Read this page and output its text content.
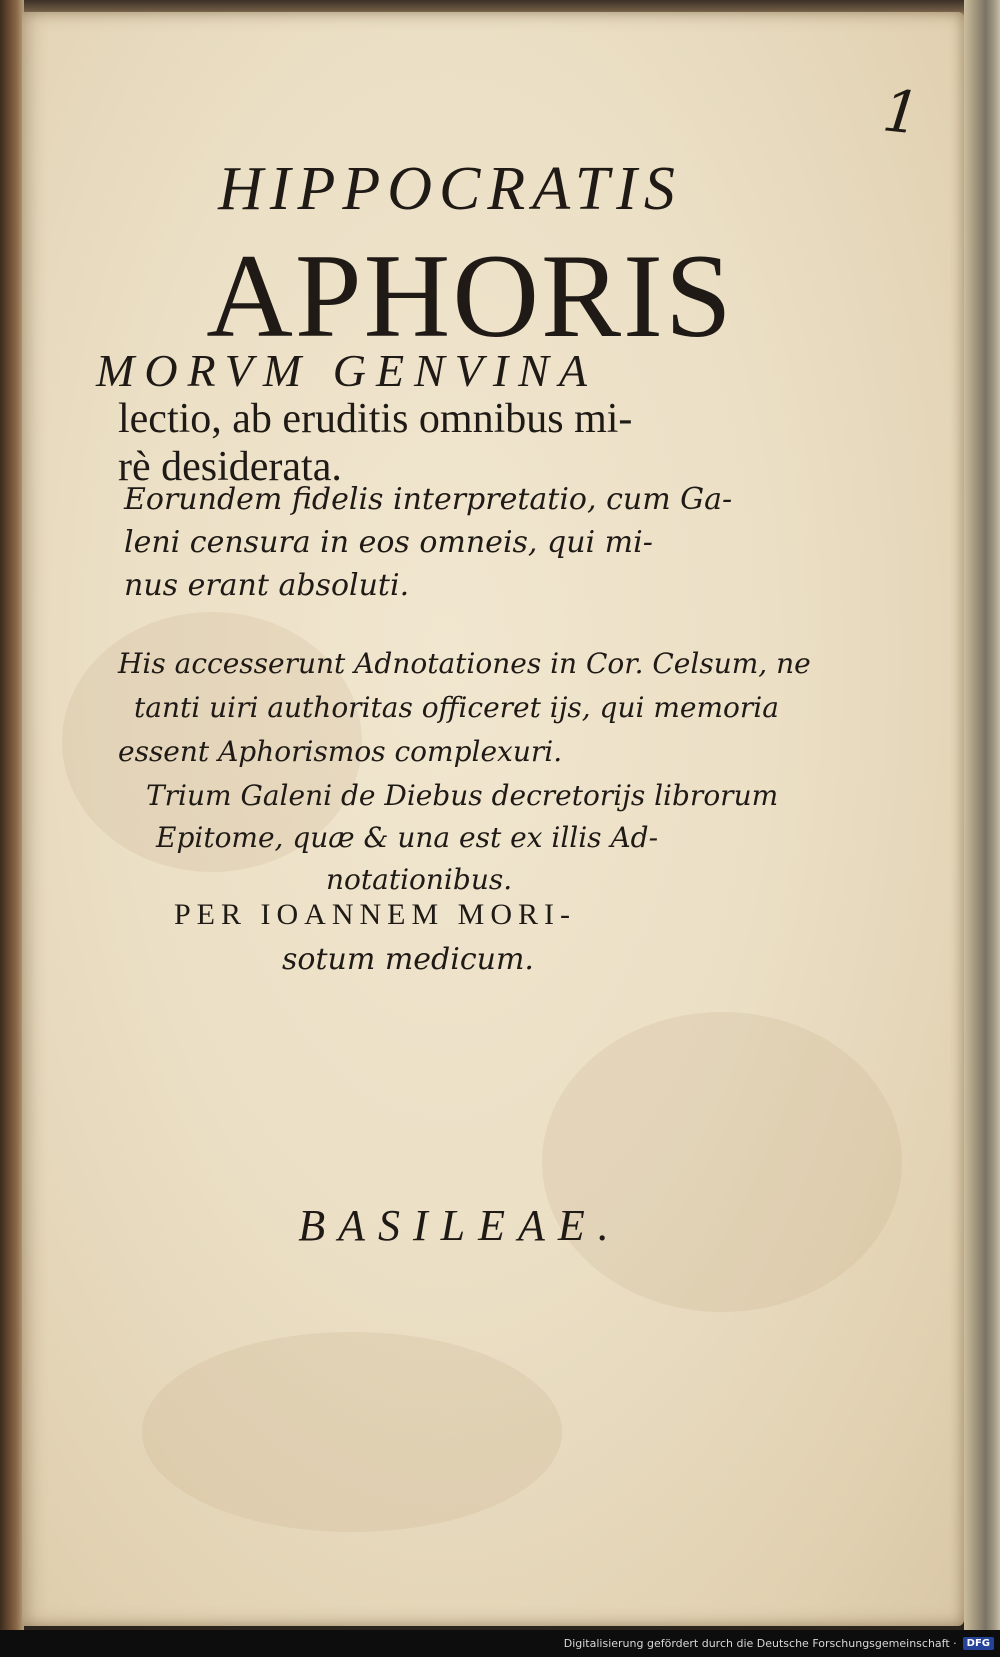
1
HIPPOCRATIS
APHORIS
MORVM GENVINA
lectio, ab eruditis omnibus mi-
rè desiderata.
Eorundem fidelis interpretatio, cum Ga-
leni censura in eos omneis, qui mi-
nus erant absoluti.
His accesserunt Adnotationes in Cor. Celsum, ne
tanti uiri authoritas officeret ijs, qui memoria
essent Aphorismos complexuri.
Trium Galeni de Diebus decretorijs librorum
Epitome, quæ & una est ex illis Ad-
notationibus.
PER IOANNEM MORI-
sotum medicum.
BASILEAE.
Digitalisierung gefördert durch die Deutsche Forschungsgemeinschaft ·	DFG
